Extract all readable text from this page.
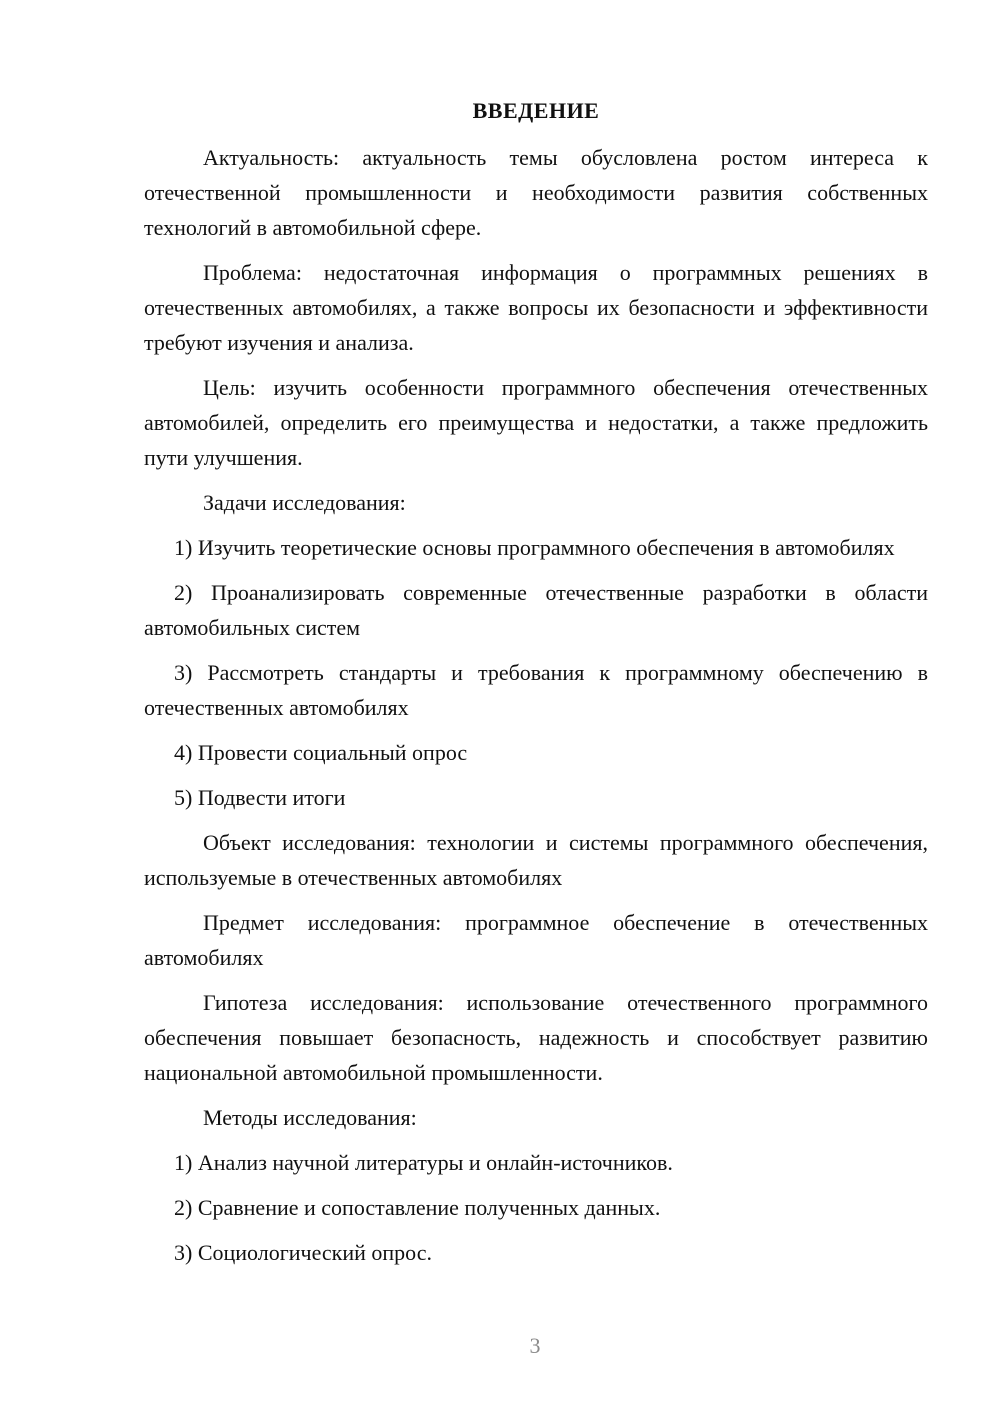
ВВЕДЕНИЕ

Актуальность: актуальность темы обусловлена ростом интереса к отечественной промышленности и необходимости развития собственных технологий в автомобильной сфере.

Проблема: недостаточная информация о программных решениях в отечественных автомобилях, а также вопросы их безопасности и эффективности требуют изучения и анализа.

Цель: изучить особенности программного обеспечения отечественных автомобилей, определить его преимущества и недостатки, а также предложить пути улучшения.

Задачи исследования:

1) Изучить теоретические основы программного обеспечения в автомобилях

2) Проанализировать современные отечественные разработки в области автомобильных систем

3) Рассмотреть стандарты и требования к программному обеспечению в отечественных автомобилях

4) Провести социальный опрос

5) Подвести итоги

Объект исследования: технологии и системы программного обеспечения, используемые в отечественных автомобилях

Предмет исследования: программное обеспечение в отечественных автомобилях

Гипотеза исследования: использование отечественного программного обеспечения повышает безопасность, надежность и способствует развитию национальной автомобильной промышленности.

Методы исследования:

1) Анализ научной литературы и онлайн-источников.

2) Сравнение и сопоставление полученных данных.

3) Социологический опрос.

3
